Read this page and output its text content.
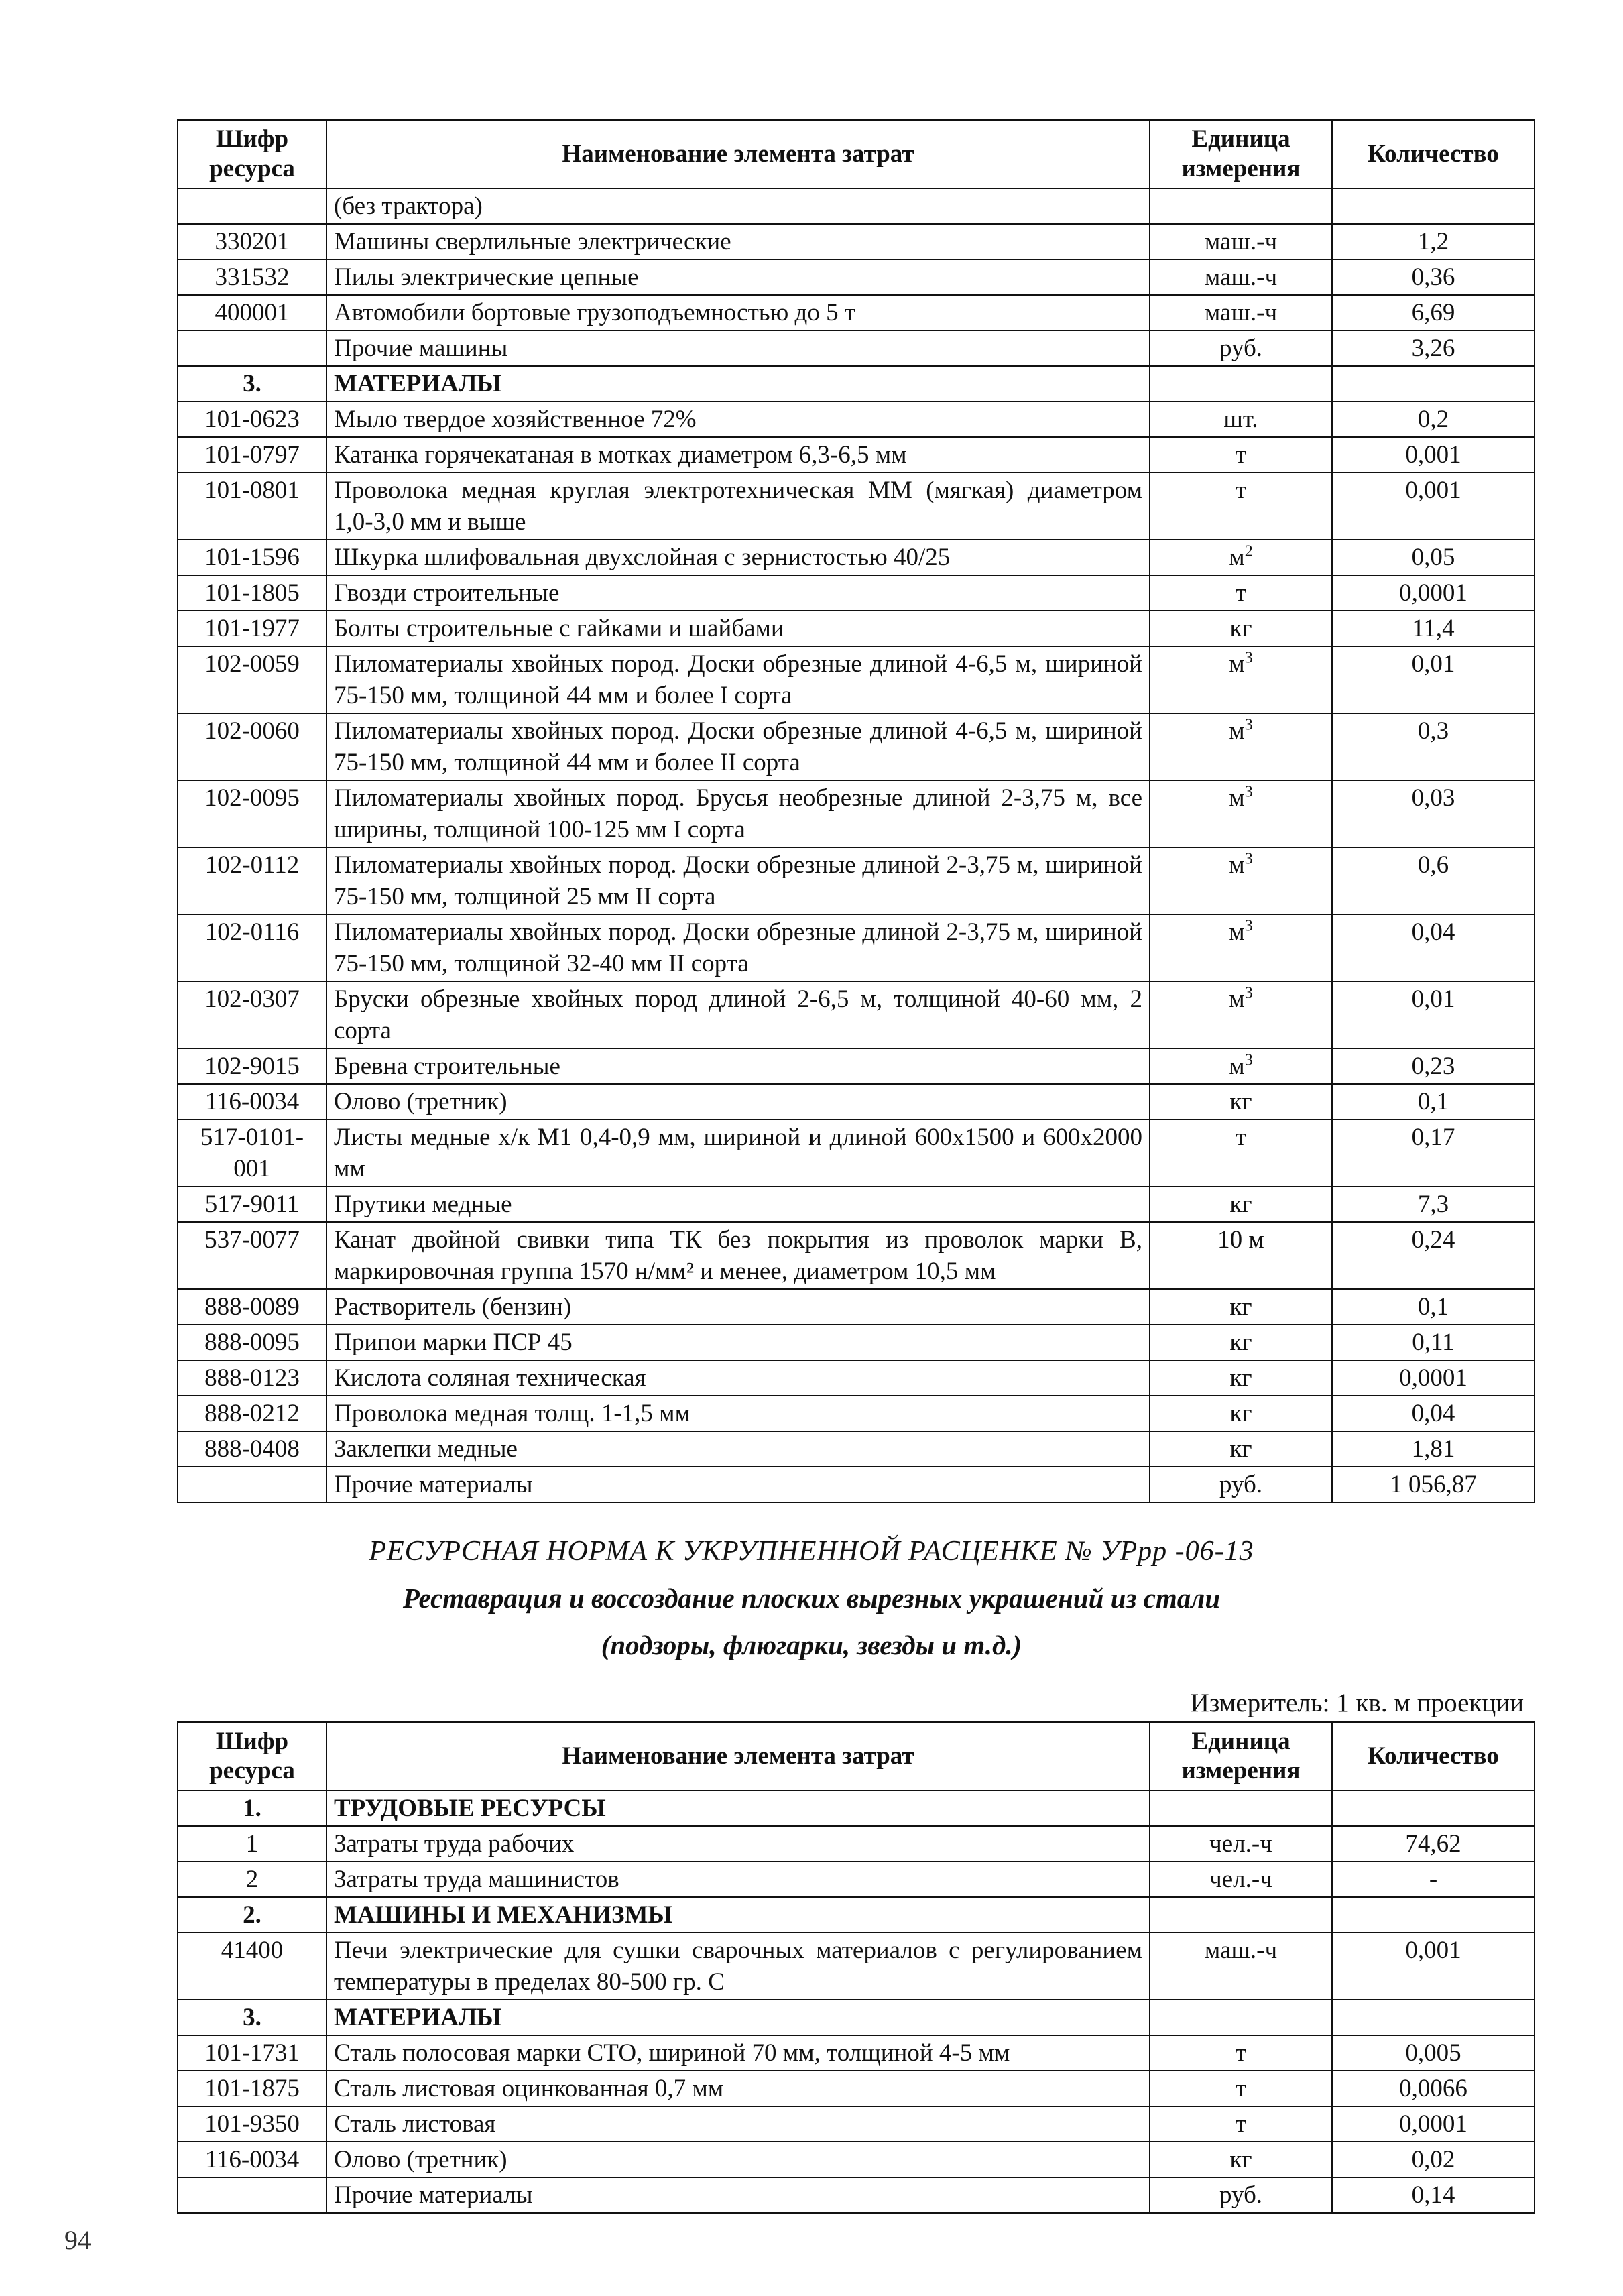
Шифр ресурса	Наименование элемента затрат	Единица измерения	Количество
	(без трактора)		
330201	Машины сверлильные электрические	маш.-ч	1,2
331532	Пилы электрические цепные	маш.-ч	0,36
400001	Автомобили бортовые грузоподъемностью до 5 т	маш.-ч	6,69
	Прочие машины	руб.	3,26
3.	МАТЕРИАЛЫ		
101-0623	Мыло твердое хозяйственное 72%	шт.	0,2
101-0797	Катанка горячекатаная в мотках диаметром 6,3-6,5 мм	т	0,001
101-0801	Проволока медная круглая электротехническая ММ (мягкая) диаметром 1,0-3,0 мм и выше	т	0,001
101-1596	Шкурка шлифовальная двухслойная с зернистостью 40/25	$м^2$	0,05
101-1805	Гвозди строительные	т	0,0001
101-1977	Болты строительные с гайками и шайбами	кг	11,4
102-0059	Пиломатериалы хвойных пород. Доски обрезные длиной 4-6,5 м, шириной 75-150 мм, толщиной 44 мм и более I сорта	$м^3$	0,01
102-0060	Пиломатериалы хвойных пород. Доски обрезные длиной 4-6,5 м, шириной 75-150 мм, толщиной 44 мм и более II сорта	$м^3$	0,3
102-0095	Пиломатериалы хвойных пород. Брусья необрезные длиной 2-3,75 м, все ширины, толщиной 100-125 мм I сорта	$м^3$	0,03
102-0112	Пиломатериалы хвойных пород. Доски обрезные длиной 2-3,75 м, шириной 75-150 мм, толщиной 25 мм II сорта	$м^3$	0,6
102-0116	Пиломатериалы хвойных пород. Доски обрезные длиной 2-3,75 м, шириной 75-150 мм, толщиной 32-40 мм II сорта	$м^3$	0,04
102-0307	Бруски обрезные хвойных пород длиной 2-6,5 м, толщиной 40-60 мм, 2 сорта	$м^3$	0,01
102-9015	Бревна строительные	$м^3$	0,23
116-0034	Олово (третник)	кг	0,1
517-0101-001	Листы медные х/к М1 0,4-0,9 мм, шириной и длиной 600х1500 и 600х2000 мм	т	0,17
517-9011	Прутики медные	кг	7,3
537-0077	Канат двойной свивки типа ТК без покрытия из проволок марки В, маркировочная группа 1570 н/мм² и менее, диаметром 10,5 мм	10 м	0,24
888-0089	Растворитель (бензин)	кг	0,1
888-0095	Припои марки ПСР 45	кг	0,11
888-0123	Кислота соляная техническая	кг	0,0001
888-0212	Проволока медная толщ. 1-1,5 мм	кг	0,04
888-0408	Заклепки медные	кг	1,81
	Прочие материалы	руб.	1 056,87
РЕСУРСНАЯ НОРМА К УКРУПНЕННОЙ РАСЦЕНКЕ № УРрр -06-13
Реставрация и воссоздание плоских вырезных украшений из стали
(подзоры, флюгарки, звезды и т.д.)
Измеритель: 1 кв. м проекции
Шифр ресурса	Наименование элемента затрат	Единица измерения	Количество
1.	ТРУДОВЫЕ РЕСУРСЫ		
1	Затраты труда рабочих	чел.-ч	74,62
2	Затраты труда машинистов	чел.-ч	-
2.	МАШИНЫ И МЕХАНИЗМЫ		
41400	Печи электрические для сушки сварочных материалов с регулированием температуры в пределах 80-500 гр. С	маш.-ч	0,001
3.	МАТЕРИАЛЫ		
101-1731	Сталь полосовая марки СТО, шириной 70 мм, толщиной 4-5 мм	т	0,005
101-1875	Сталь листовая оцинкованная 0,7 мм	т	0,0066
101-9350	Сталь листовая	т	0,0001
116-0034	Олово (третник)	кг	0,02
	Прочие материалы	руб.	0,14
94
